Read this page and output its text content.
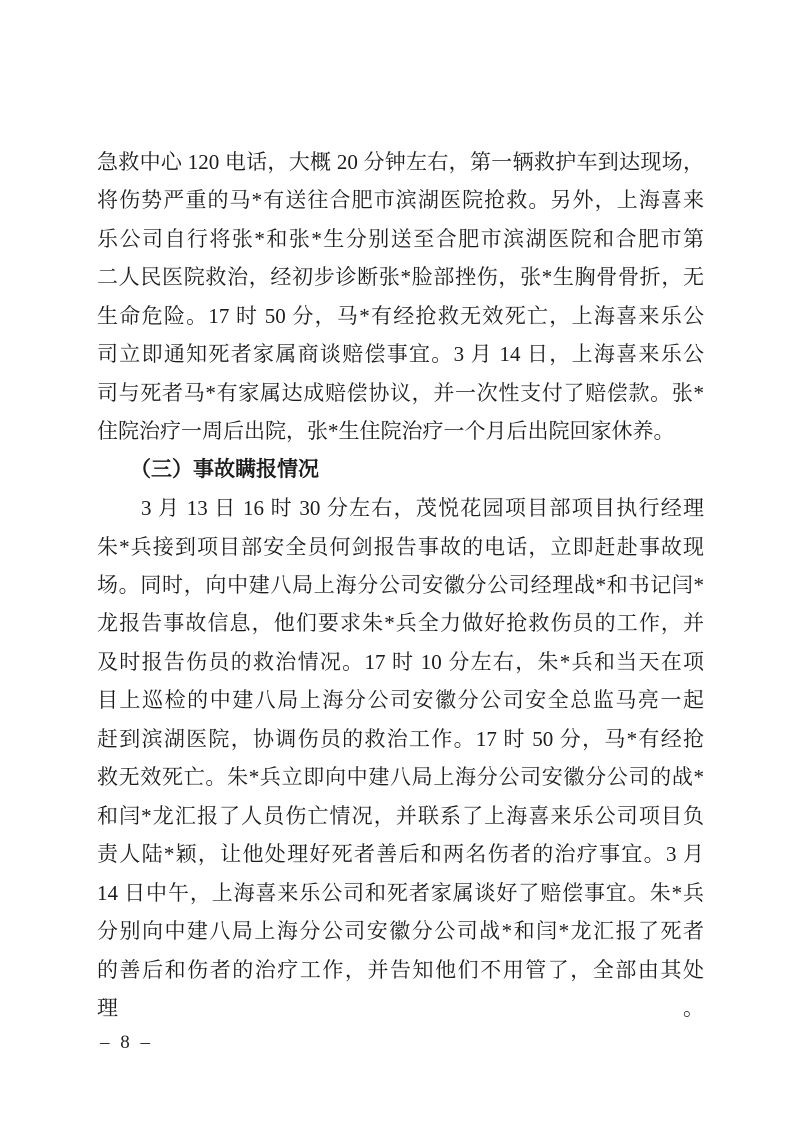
急救中心 120 电话，大概 20 分钟左右，第一辆救护车到达现场，
将伤势严重的马*有送往合肥市滨湖医院抢救。另外，上海喜来
乐公司自行将张*和张*生分别送至合肥市滨湖医院和合肥市第
二人民医院救治，经初步诊断张*脸部挫伤，张*生胸骨骨折，无
生命危险。17 时 50 分，马*有经抢救无效死亡，上海喜来乐公
司立即通知死者家属商谈赔偿事宜。3 月 14 日，上海喜来乐公
司与死者马*有家属达成赔偿协议，并一次性支付了赔偿款。张*
住院治疗一周后出院，张*生住院治疗一个月后出院回家休养。
（三）事故瞒报情况
3 月 13 日 16 时 30 分左右，茂悦花园项目部项目执行经理
朱*兵接到项目部安全员何剑报告事故的电话，立即赶赴事故现
场。同时，向中建八局上海分公司安徽分公司经理战*和书记闫*
龙报告事故信息，他们要求朱*兵全力做好抢救伤员的工作，并
及时报告伤员的救治情况。17 时 10 分左右，朱*兵和当天在项
目上巡检的中建八局上海分公司安徽分公司安全总监马亮一起
赶到滨湖医院，协调伤员的救治工作。17 时 50 分，马*有经抢
救无效死亡。朱*兵立即向中建八局上海分公司安徽分公司的战*
和闫*龙汇报了人员伤亡情况，并联系了上海喜来乐公司项目负
责人陆*颖，让他处理好死者善后和两名伤者的治疗事宜。3 月
14 日中午，上海喜来乐公司和死者家属谈好了赔偿事宜。朱*兵
分别向中建八局上海分公司安徽分公司战*和闫*龙汇报了死者
的善后和伤者的治疗工作，并告知他们不用管了，全部由其处理。
– 8 –
